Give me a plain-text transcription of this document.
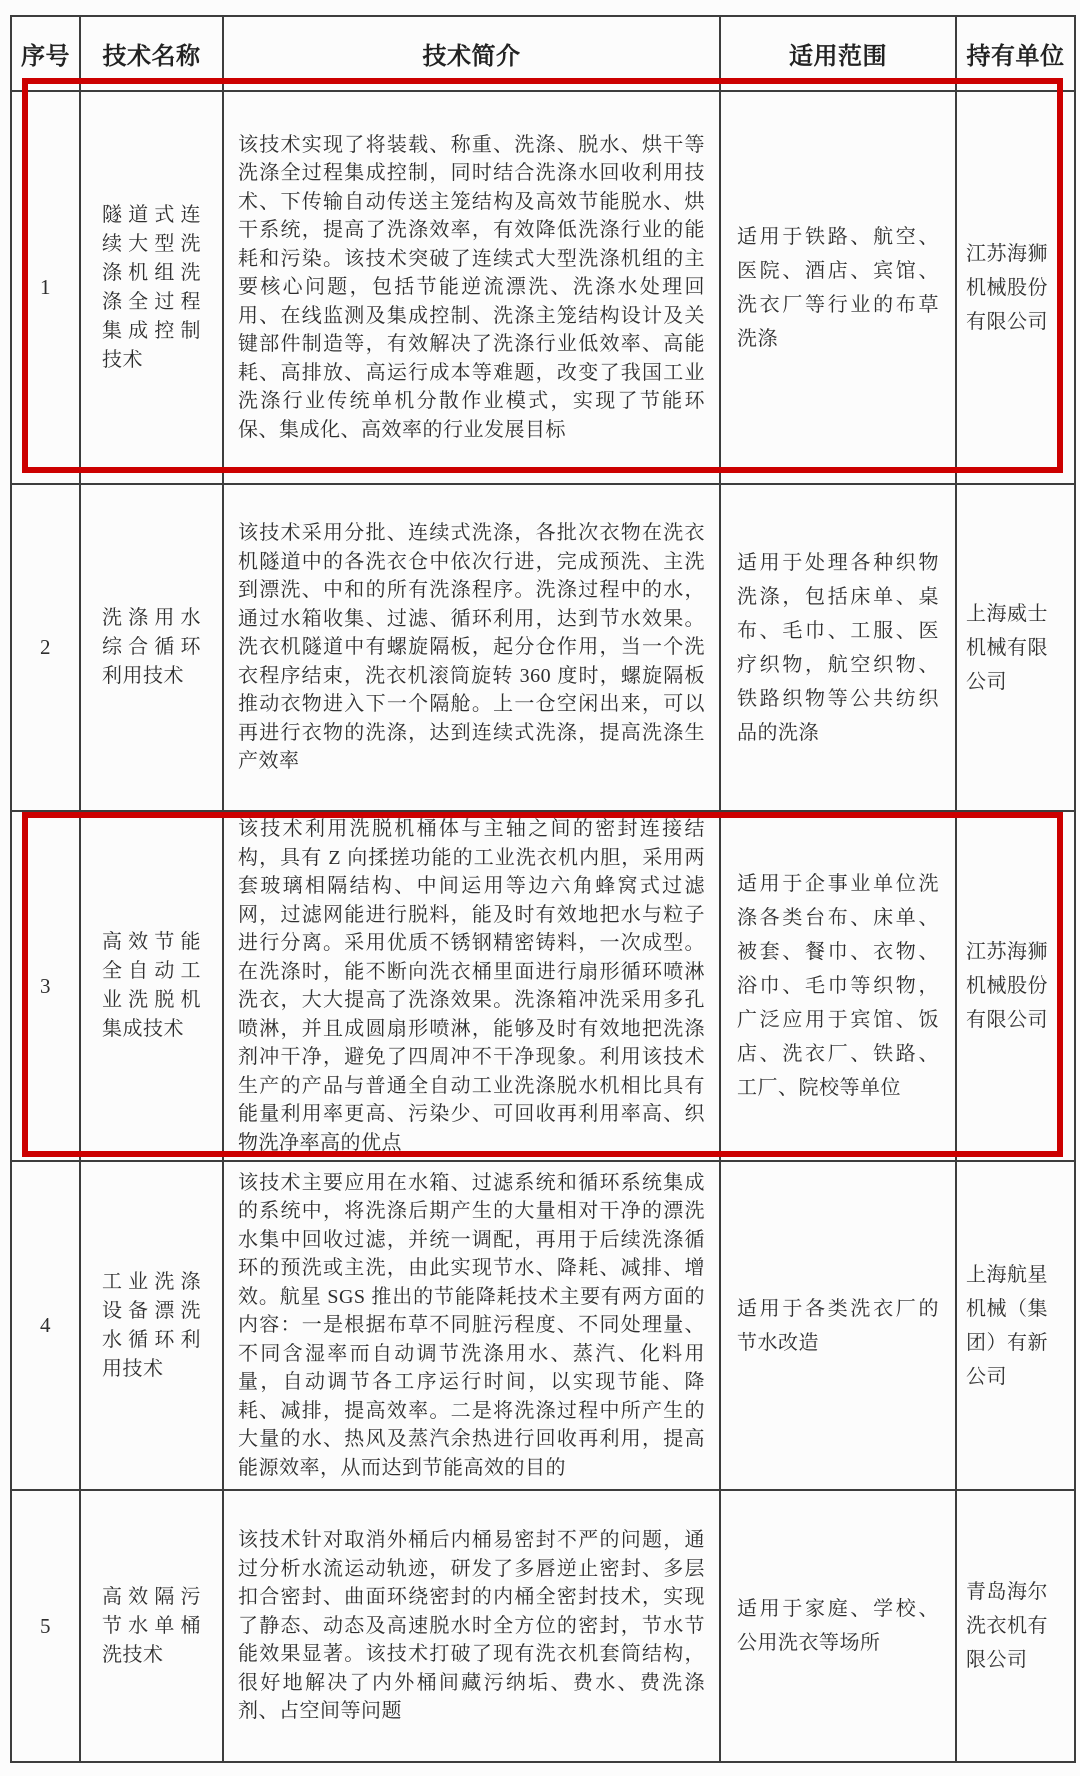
序号	技术名称	技术简介	适用范围	持有单位
1	隧道式连续大型洗涤机组洗涤全过程集成控制技术	该技术实现了将装载、称重、洗涤、脱水、烘干等洗涤全过程集成控制，同时结合洗涤水回收利用技术、下传输自动传送主笼结构及高效节能脱水、烘干系统，提高了洗涤效率，有效降低洗涤行业的能耗和污染。该技术突破了连续式大型洗涤机组的主要核心问题，包括节能逆流漂洗、洗涤水处理回用、在线监测及集成控制、洗涤主笼结构设计及关键部件制造等，有效解决了洗涤行业低效率、高能耗、高排放、高运行成本等难题，改变了我国工业洗涤行业传统单机分散作业模式，实现了节能环保、集成化、高效率的行业发展目标	适用于铁路、航空、医院、酒店、宾馆、洗衣厂等行业的布草洗涤	江苏海狮机械股份有限公司
2	洗涤用水综合循环利用技术	该技术采用分批、连续式洗涤，各批次衣物在洗衣机隧道中的各洗衣仓中依次行进，完成预洗、主洗到漂洗、中和的所有洗涤程序。洗涤过程中的水，通过水箱收集、过滤、循环利用，达到节水效果。洗衣机隧道中有螺旋隔板，起分仓作用，当一个洗衣程序结束，洗衣机滚筒旋转 360 度时，螺旋隔板推动衣物进入下一个隔舱。上一仓空闲出来，可以再进行衣物的洗涤，达到连续式洗涤，提高洗涤生产效率	适用于处理各种织物洗涤，包括床单、桌布、毛巾、工服、医疗织物，航空织物、铁路织物等公共纺织品的洗涤	上海威士机械有限公司
3	高效节能全自动工业洗脱机集成技术	该技术利用洗脱机桶体与主轴之间的密封连接结构，具有 Z 向揉搓功能的工业洗衣机内胆，采用两套玻璃相隔结构、中间运用等边六角蜂窝式过滤网，过滤网能进行脱料，能及时有效地把水与粒子进行分离。采用优质不锈钢精密铸料，一次成型。在洗涤时，能不断向洗衣桶里面进行扇形循环喷淋洗衣，大大提高了洗涤效果。洗涤箱冲洗采用多孔喷淋，并且成圆扇形喷淋，能够及时有效地把洗涤剂冲干净，避免了四周冲不干净现象。利用该技术生产的产品与普通全自动工业洗涤脱水机相比具有能量利用率更高、污染少、可回收再利用率高、织物洗净率高的优点	适用于企事业单位洗涤各类台布、床单、被套、餐巾、衣物、浴巾、毛巾等织物，广泛应用于宾馆、饭店、洗衣厂、铁路、工厂、院校等单位	江苏海狮机械股份有限公司
4	工业洗涤设备漂洗水循环利用技术	该技术主要应用在水箱、过滤系统和循环系统集成的系统中，将洗涤后期产生的大量相对干净的漂洗水集中回收过滤，并统一调配，再用于后续洗涤循环的预洗或主洗，由此实现节水、降耗、减排、增效。航星 SGS 推出的节能降耗技术主要有两方面的内容：一是根据布草不同脏污程度、不同处理量、不同含湿率而自动调节洗涤用水、蒸汽、化料用量，自动调节各工序运行时间，以实现节能、降耗、减排，提高效率。二是将洗涤过程中所产生的大量的水、热风及蒸汽余热进行回收再利用，提高能源效率，从而达到节能高效的目的	适用于各类洗衣厂的节水改造	上海航星机械（集团）有新公司
5	高效隔污节水单桶洗技术	该技术针对取消外桶后内桶易密封不严的问题，通过分析水流运动轨迹，研发了多唇逆止密封、多层扣合密封、曲面环绕密封的内桶全密封技术，实现了静态、动态及高速脱水时全方位的密封，节水节能效果显著。该技术打破了现有洗衣机套筒结构，很好地解决了内外桶间藏污纳垢、费水、费洗涤剂、占空间等问题	适用于家庭、学校、公用洗衣等场所	青岛海尔洗衣机有限公司
